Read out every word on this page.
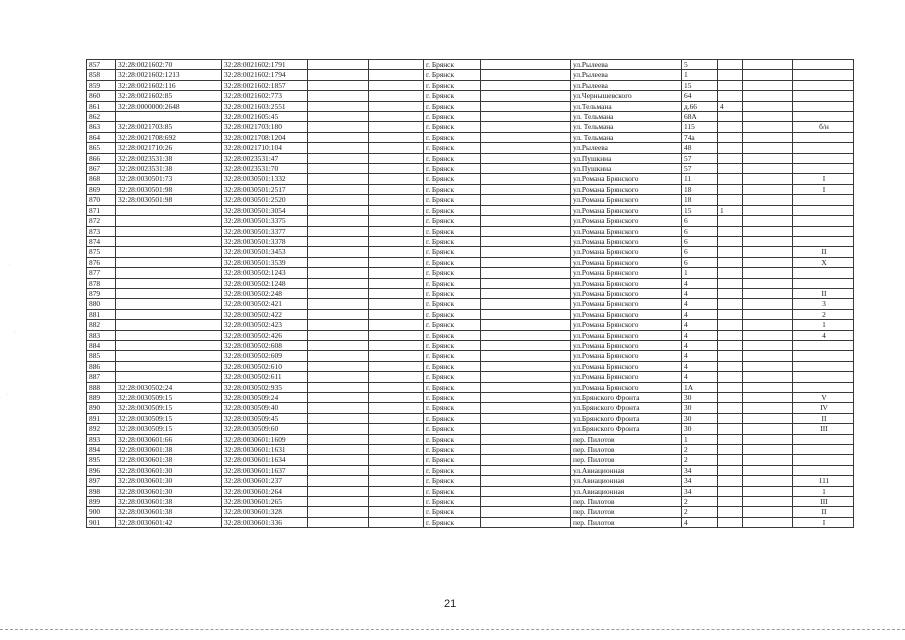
857	32:28:0021602:70	32:28:0021602:1791			г. Брянск		ул.Рылеева	5			
858	32:28:0021602:1213	32:28:0021602:1794			г. Брянск		ул.Рылеева	1			
859	32:28:0021602:116	32:28:0021602:1857			г. Брянск		ул.Рылеева	15			
860	32:28:0021602:85	32:28:0021602:773			г. Брянск		ул.Чернышевского	64			
861	32:28:0000000:2648	32:28:0021603:2551			г. Брянск		ул.Тельмана	д.66	4		
862		32:28:0021605:45			г. Брянск		ул. Тельмана	68А			
863	32:28:0021703:85	32:28:0021703:180			г. Брянск		ул. Тельмана	115			б/н
864	32:28:0021708:692	32:28:0021708:1204			г. Брянск		ул. Тельмана	74а			
865	32:28:0021710:26	32:28:0021710:104			г. Брянск		ул.Рылеева	48			
866	32:28:0023531:38	32:28:0023531:47			г. Брянск		ул.Пушкина	57			
867	32:28:0023531:38	32:28:0023531:70			г. Брянск		ул.Пушкина	57			
868	32:28:0030501:73	32:28:0030501:1332			г. Брянск		ул.Романа Брянского	11			I
869	32:28:0030501:98	32:28:0030501:2517			г. Брянск		ул.Романа Брянского	18			I
870	32:28:0030501:98	32:28:0030501:2520			г. Брянск		ул.Романа Брянского	18			
871		32:28:0030501:3054			г. Брянск		ул.Романа Брянского	15	1		
872		32:28:0030501:3375			г. Брянск		ул.Романа Брянского	6			
873		32:28:0030501:3377			г. Брянск		ул.Романа Брянского	6			
874		32:28:0030501:3378			г. Брянск		ул.Романа Брянского	6			
875		32:28:0030501:3453			г. Брянск		ул.Романа Брянского	6			II
876		32:28:0030501:3539			г. Брянск		ул.Романа Брянского	6			X
877		32:28:0030502:1243			г. Брянск		ул.Романа Брянского	1			
878		32:28:0030502:1248			г. Брянск		ул.Романа Брянского	4			
879		32:28:0030502:248			г. Брянск		ул.Романа Брянского	4			II
880		32:28:0030502:421			г. Брянск		ул.Романа Брянского	4			3
881		32:28:0030502:422			г. Брянск		ул.Романа Брянского	4			2
882		32:28:0030502:423			г. Брянск		ул.Романа Брянского	4			1
883		32:28:0030502:426			г. Брянск		ул.Романа Брянского	4			4
884		32:28:0030502:608			г. Брянск		ул.Романа Брянского	4			
885		32:28:0030502:609			г. Брянск		ул.Романа Брянского	4			
886		32:28:0030502:610			г. Брянск		ул.Романа Брянского	4			
887		32:28:0030502:611			г. Брянск		ул.Романа Брянского	4			
888	32:28:0030502:24	32:28:0030502:935			г. Брянск		ул.Романа Брянского	1А			
889	32:28:0030509:15	32:28:0030509:24			г. Брянск		ул.Брянского Фронта	30			V
890	32:28:0030509:15	32:28:0030509:40			г. Брянск		ул.Брянского Фронта	30			IV
891	32:28:0030509:15	32:28:0030509:45			г. Брянск		ул.Брянского Фронта	30			II
892	32:28:0030509:15	32:28:0030509:60			г. Брянск		ул.Брянского Фронта	30			III
893	32:28:0030601:66	32:28:0030601:1609			г. Брянск		пер. Пилотов	1			
894	32:28:0030601:38	32:28:0030601:1631			г. Брянск		пер. Пилотов	2			
895	32:28:0030601:38	32:28:0030601:1634			г. Брянск		пер. Пилотов	2			
896	32:28:0030601:30	32:28:0030601:1637			г. Брянск		ул.Авиационная	34			
897	32:28:0030601:30	32:28:0030601:237			г. Брянск		ул.Авиационная	34			111
898	32:28:0030601:30	32:28:0030601:264			г. Брянск		ул.Авиационная	34			1
899	32:28:0030601:38	32:28:0030601:265			г. Брянск		пер. Пилотов	2			III
900	32:28:0030601:38	32:28:0030601:328			г. Брянск		пер. Пилотов	2			II
901	32:28:0030601:42	32:28:0030601:336			г. Брянск		пер. Пилотов	4			I
21
·
·
·
